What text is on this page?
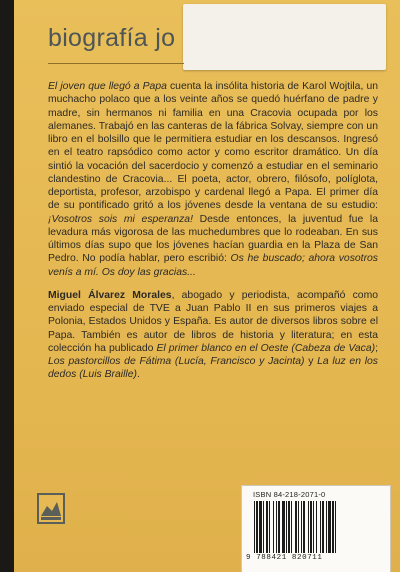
biografía jo

El joven que llegó a Papa cuenta la insólita historia de Karol Wojtila, un muchacho polaco que a los veinte años se quedó huérfano de padre y madre, sin hermanos ni familia en una Cracovia ocupada por los alemanes. Trabajó en las canteras de la fábrica Solvay, siempre con un libro en el bolsillo que le permitiera estudiar en los descansos. Ingresó en el teatro rapsódico como actor y como escritor dramático. Un día sintió la vocación del sacerdocio y comenzó a estudiar en el seminario clandestino de Cracovia... El poeta, actor, obrero, filósofo, políglota, deportista, profesor, arzobispo y cardenal llegó a Papa. El primer día de su pontificado gritó a los jóvenes desde la ventana de su estudio: ¡Vosotros sois mi esperanza! Desde entonces, la juventud fue la levadura más vigorosa de las muchedumbres que lo rodeaban. En sus últimos días supo que los jóvenes hacían guardia en la Plaza de San Pedro. No podía hablar, pero escribió: Os he buscado; ahora vosotros venís a mí. Os doy las gracias...

Miguel Álvarez Morales, abogado y periodista, acompañó como enviado especial de TVE a Juan Pablo II en sus primeros viajes a Polonia, Estados Unidos y España. Es autor de diversos libros sobre el Papa. También es autor de libros de historia y literatura; en esta colección ha publicado El primer blanco en el Oeste (Cabeza de Vaca); Los pastorcillos de Fátima (Lucía, Francisco y Jacinta) y La luz en los dedos (Luis Braille).

ISBN 84-218-2071-0
9 788421 820711
